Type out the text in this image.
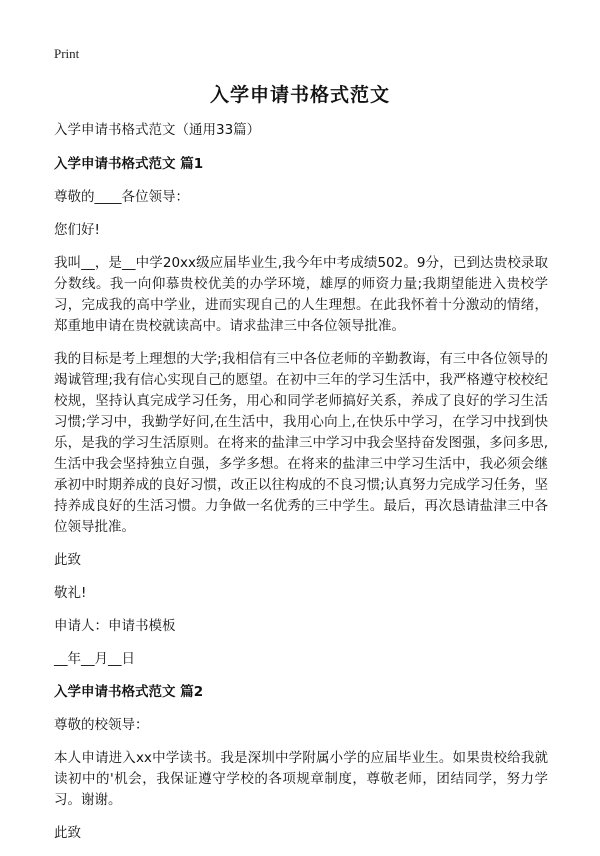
Print
入学申请书格式范文

入学申请书格式范文（通用33篇）

入学申请书格式范文 篇1

尊敬的____各位领导：

您们好!

我叫__，是__中学20xx级应届毕业生,我今年中考成绩502。9分，已到达贵校录取分数线。我一向仰慕贵校优美的办学环境，雄厚的师资力量;我期望能进入贵校学习，完成我的高中学业，进而实现自己的人生理想。在此我怀着十分激动的情绪，郑重地申请在贵校就读高中。请求盐津三中各位领导批准。

我的目标是考上理想的大学;我相信有三中各位老师的辛勤教诲，有三中各位领导的竭诚管理;我有信心实现自己的愿望。在初中三年的学习生活中，我严格遵守校校纪校规，坚持认真完成学习任务，用心和同学老师搞好关系，养成了良好的学习生活习惯;学习中，我勤学好问,在生活中，我用心向上,在快乐中学习，在学习中找到快乐，是我的学习生活原则。在将来的盐津三中学习中我会坚持奋发图强，多问多思,生活中我会坚持独立自强，多学多想。在将来的盐津三中学习生活中，我必须会继承初中时期养成的良好习惯，改正以往构成的不良习惯;认真努力完成学习任务，坚持养成良好的生活习惯。力争做一名优秀的三中学生。最后，再次恳请盐津三中各位领导批准。

此致

敬礼!

申请人：申请书模板

__年__月__日

入学申请书格式范文 篇2

尊敬的校领导：

本人申请进入xx中学读书。我是深圳中学附属小学的应届毕业生。如果贵校给我就读初中的'机会，我保证遵守学校的各项规章制度，尊敬老师，团结同学，努力学习。谢谢。

此致
